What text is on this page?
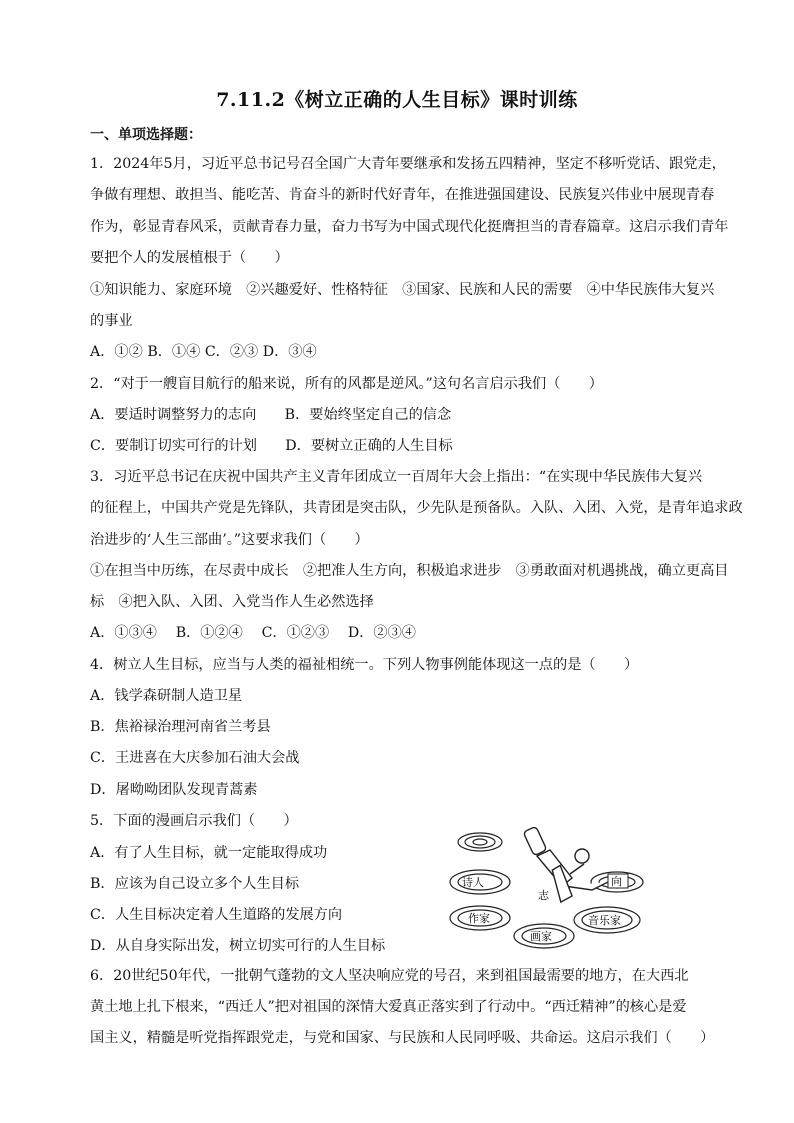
7.11.2《树立正确的人生目标》课时训练
一、单项选择题：
1．2024年5月，习近平总书记号召全国广大青年要继承和发扬五四精神，坚定不移听党话、跟党走，
争做有理想、敢担当、能吃苦、肯奋斗的新时代好青年，在推进强国建设、民族复兴伟业中展现青春
作为，彰显青春风采，贡献青春力量，奋力书写为中国式现代化挺膺担当的青春篇章。这启示我们青年
要把个人的发展植根于（　　）
①知识能力、家庭环境　②兴趣爱好、性格特征　③国家、民族和人民的需要　④中华民族伟大复兴
的事业
A．①② B．①④ C．②③ D．③④
2．“对于一艘盲目航行的船来说，所有的风都是逆风。”这句名言启示我们（　　）
A．要适时调整努力的志向　　B．要始终坚定自己的信念
C．要制订切实可行的计划　　D．要树立正确的人生目标
3．习近平总书记在庆祝中国共产主义青年团成立一百周年大会上指出：“在实现中华民族伟大复兴
的征程上，中国共产党是先锋队，共青团是突击队，少先队是预备队。入队、入团、入党，是青年追求政
治进步的‘人生三部曲’。”这要求我们（　　）
①在担当中历练，在尽责中成长　②把准人生方向，积极追求进步　③勇敢面对机遇挑战，确立更高目
标　④把入队、入团、入党当作人生必然选择
A．①③④　 B．①②④　 C．①②③　 D．②③④
4．树立人生目标，应当与人类的福祉相统一。下列人物事例能体现这一点的是（　　）
A．钱学森研制人造卫星
B．焦裕禄治理河南省兰考县
C．王进喜在大庆参加石油大会战
D．屠呦呦团队发现青蒿素
5．下面的漫画启示我们（　　）
A．有了人生目标，就一定能取得成功
B．应该为自己设立多个人生目标
C．人生目标决定着人生道路的发展方向
D．从自身实际出发，树立切实可行的人生目标
诗人
志
向
作家
画家
音乐家
6．20世纪50年代，一批朝气蓬勃的文人坚决响应党的号召，来到祖国最需要的地方，在大西北
黄土地上扎下根来，“西迁人”把对祖国的深情大爱真正落实到了行动中。“西迁精神”的核心是爱
国主义，精髓是听党指挥跟党走，与党和国家、与民族和人民同呼吸、共命运。这启示我们（　　）
